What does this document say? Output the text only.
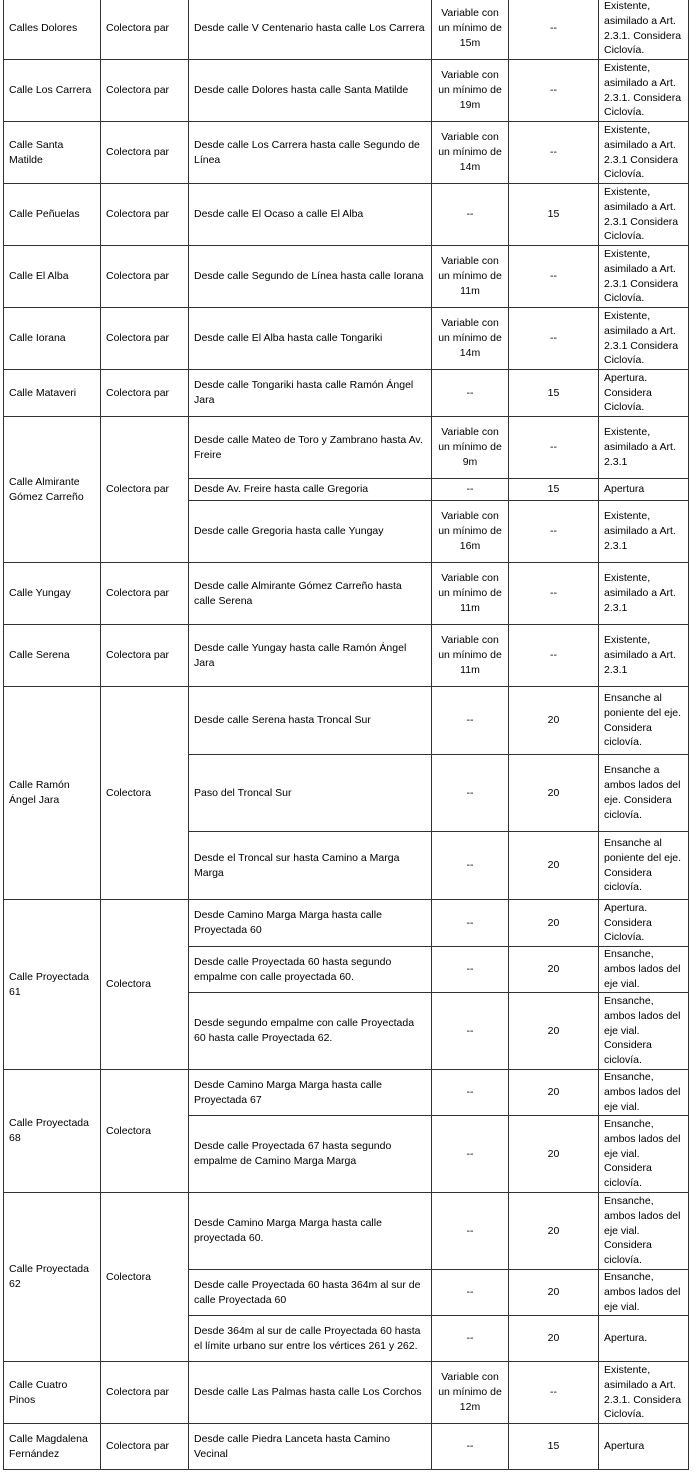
Calles Dolores	Colectora par	Desde calle V Centenario hasta calle Los Carrera	Variable con un mínimo de 15m	--	Existente, asimilado a Art. 2.3.1. Considera Ciclovía.
Calle Los Carrera	Colectora par	Desde calle Dolores hasta calle Santa Matilde	Variable con un mínimo de 19m	--	Existente, asimilado a Art. 2.3.1. Considera Ciclovía.
Calle Santa Matilde	Colectora par	Desde calle Los Carrera hasta calle Segundo de Línea	Variable con un mínimo de 14m	--	Existente, asimilado a Art. 2.3.1 Considera Ciclovía.
Calle Peñuelas	Colectora par	Desde calle El Ocaso a calle El Alba	--	15	Existente, asimilado a Art. 2.3.1 Considera Ciclovía.
Calle El Alba	Colectora par	Desde calle Segundo de Línea hasta calle Iorana	Variable con un mínimo de 11m	--	Existente, asimilado a Art. 2.3.1 Considera Ciclovía.
Calle Iorana	Colectora par	Desde calle El Alba hasta calle Tongariki	Variable con un mínimo de 14m	--	Existente, asimilado a Art. 2.3.1 Considera Ciclovía.
Calle Mataveri	Colectora par	Desde calle Tongariki hasta calle Ramón Ángel Jara	--	15	Apertura. Considera Ciclovía.
Calle Almirante Gómez Carreño	Colectora par	Desde calle Mateo de Toro y Zambrano hasta Av. Freire	Variable con un mínimo de 9m	--	Existente, asimilado a Art. 2.3.1
		Desde Av. Freire hasta calle Gregoria	--	15	Apertura
		Desde calle Gregoria hasta calle Yungay	Variable con un mínimo de 16m	--	Existente, asimilado a Art. 2.3.1
Calle Yungay	Colectora par	Desde calle Almirante Gómez Carreño hasta calle Serena	Variable con un mínimo de 11m	--	Existente, asimilado a Art. 2.3.1
Calle Serena	Colectora par	Desde calle Yungay hasta calle Ramón Ángel Jara	Variable con un mínimo de 11m	--	Existente, asimilado a Art. 2.3.1
Calle Ramón Ángel Jara	Colectora	Desde calle Serena hasta Troncal Sur	--	20	Ensanche al poniente del eje. Considera ciclovía.
		Paso del Troncal Sur	--	20	Ensanche a ambos lados del eje. Considera ciclovía.
		Desde el Troncal sur hasta Camino a Marga Marga	--	20	Ensanche al poniente del eje. Considera ciclovía.
Calle Proyectada 61	Colectora	Desde Camino Marga Marga hasta calle Proyectada 60	--	20	Apertura. Considera Ciclovía.
		Desde calle Proyectada 60 hasta segundo empalme con calle proyectada 60.	--	20	Ensanche, ambos lados del eje vial.
		Desde segundo empalme con calle Proyectada 60 hasta calle Proyectada 62.	--	20	Ensanche, ambos lados del eje vial. Considera ciclovía.
Calle Proyectada 68	Colectora	Desde Camino Marga Marga hasta calle Proyectada 67	--	20	Ensanche, ambos lados del eje vial.
		Desde calle Proyectada 67 hasta segundo empalme de Camino Marga Marga	--	20	Ensanche, ambos lados del eje vial. Considera ciclovía.
Calle Proyectada 62	Colectora	Desde Camino Marga Marga hasta calle proyectada 60.	--	20	Ensanche, ambos lados del eje vial. Considera ciclovía.
		Desde calle Proyectada 60 hasta 364m al sur de calle Proyectada 60	--	20	Ensanche, ambos lados del eje vial.
		Desde 364m al sur de calle Proyectada 60 hasta el límite urbano sur entre los vértices 261 y 262.	--	20	Apertura.
Calle Cuatro Pinos	Colectora par	Desde calle Las Palmas hasta calle Los Corchos	Variable con un mínimo de 12m	--	Existente, asimilado a Art. 2.3.1. Considera Ciclovía.
Calle Magdalena Fernández	Colectora par	Desde calle Piedra Lanceta hasta Camino Vecinal	--	15	Apertura
